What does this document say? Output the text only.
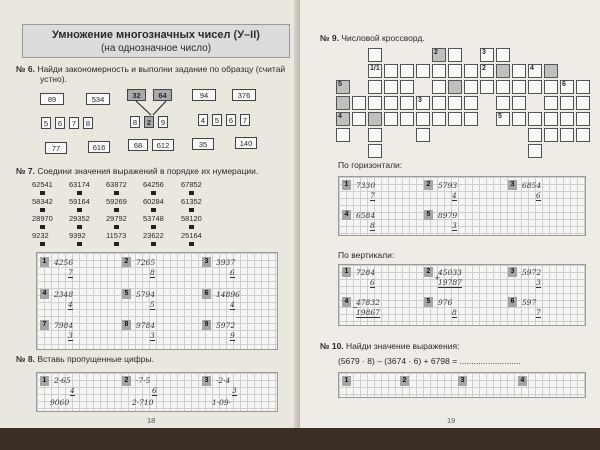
Умножение многозначных чисел (У–II)
(на однозначное число)
№ 6. Найди закономерность и выполни задание по образцу (считай
устно).
89	534	32	64	94	376
5	6	7	8	8	2	9	4	5	6	7
77	616	68	612	35	140
№ 7. Соедини значения выражений в порядке их нумерации.
62541 63174 63872 64256 67852
58342 59164 59269 60284 61352
28970 29352 29792 53748 58120
9232	9392	11573 23622 25164
1	4256
7
2	7265
8
3	3937
6
4	2348
4
5	5794
5
6	14896
4
7	7984
3
8	9784
3
9	5972
9
№ 8. Вставь пропущенные цифры.
1	2·65
4
9060
2	·7·5
6
2·710
3	·2·4
3
1·09·
18
№ 9. Числовой кроссворд.
1/1
2	3
2	4
5	6
3
4	5
По горизонтали:
1	7330
7
2	5793
4
3	6854
6
4	6584
8
5	8979
3
По вертикали:
1	7284
6
2	45033
+
19787
3	5972
3
4	47832
−
19867
5	976
8
6	597
7
№ 10. Найди значение выражения:
(5679 · 8) – (3674 · 6) + 6798 = ..........................
1	2	3	4
19
